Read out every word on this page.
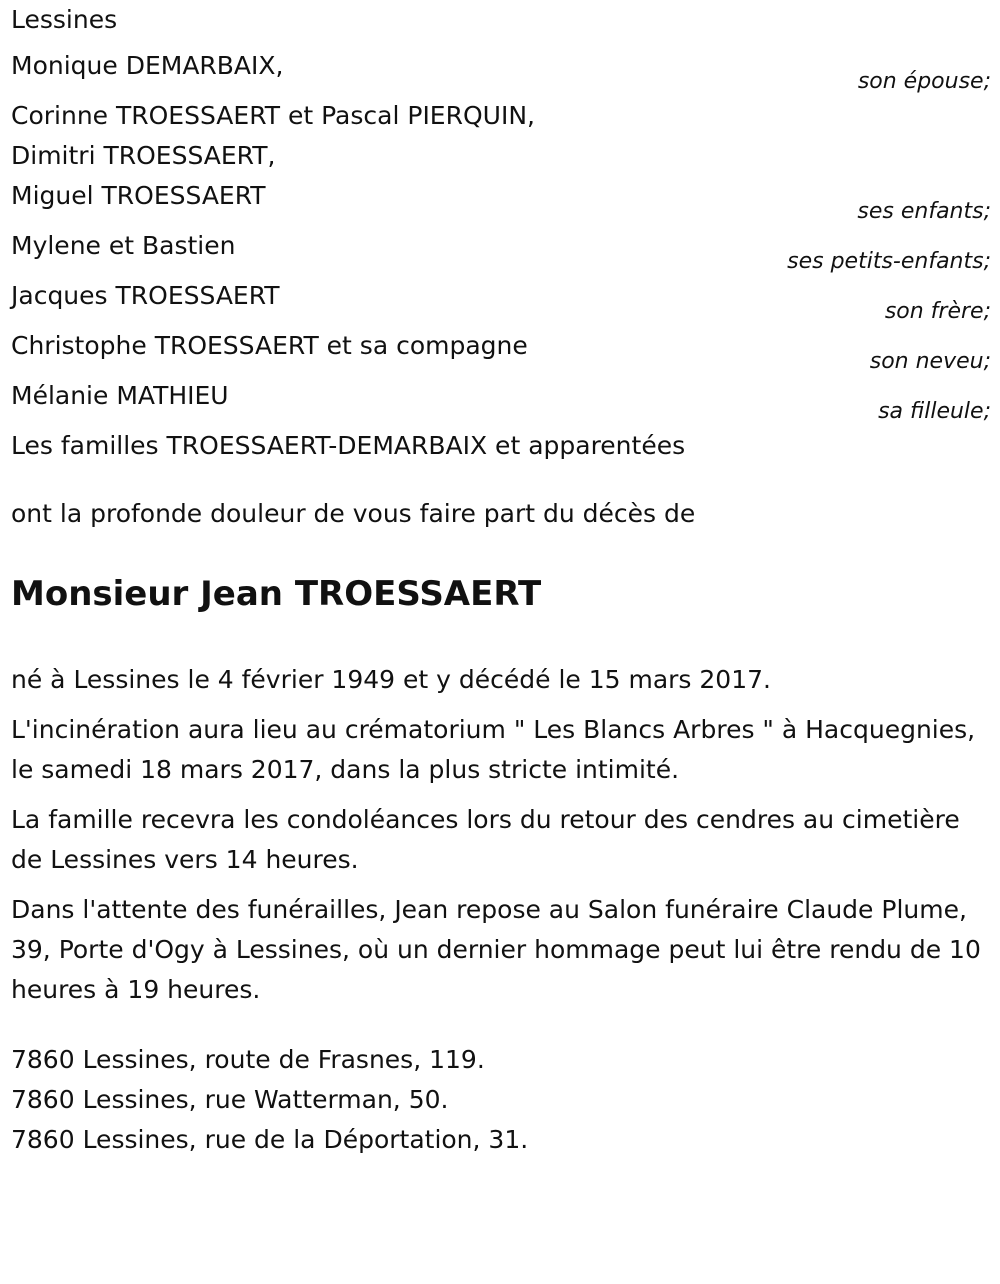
Lessines
Monique DEMARBAIX,
son épouse;
Corinne TROESSAERT et Pascal PIERQUIN,
Dimitri TROESSAERT,
Miguel TROESSAERT
ses enfants;
Mylene et Bastien
ses petits-enfants;
Jacques TROESSAERT
son frère;
Christophe TROESSAERT et sa compagne
son neveu;
Mélanie MATHIEU
sa filleule;
Les familles TROESSAERT-DEMARBAIX et apparentées
ont la profonde douleur de vous faire part du décès de
Monsieur Jean TROESSAERT
né à Lessines le 4 février 1949 et y décédé le 15 mars 2017.
L'incinération aura lieu au crématorium " Les Blancs Arbres " à Hacquegnies, le samedi 18 mars 2017, dans la plus stricte intimité.
La famille recevra les condoléances lors du retour des cendres au cimetière de Lessines vers 14 heures.
Dans l'attente des funérailles, Jean repose au Salon funéraire Claude Plume, 39, Porte d'Ogy à Lessines, où un dernier hommage peut lui être rendu de 10 heures à 19 heures.
7860 Lessines, route de Frasnes, 119.
7860 Lessines, rue Watterman, 50.
7860 Lessines, rue de la Déportation, 31.
